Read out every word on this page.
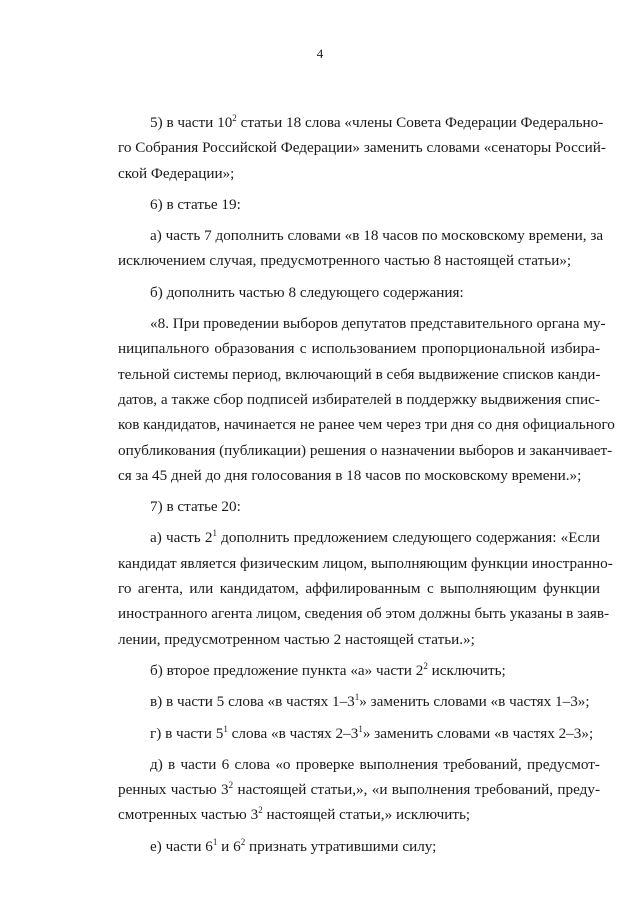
4
5) в части $10^2$ статьи 18 слова «члены Совета Федерации Федерально-
го Собрания Российской Федерации» заменить словами «сенаторы Россий-
ской Федерации»;
6) в статье 19:
а) часть 7 дополнить словами «в 18 часов по московскому времени, за
исключением случая, предусмотренного частью 8 настоящей статьи»;
б) дополнить частью 8 следующего содержания:
«8. При проведении выборов депутатов представительного органа му-
ниципального образования с использованием пропорциональной избира-
тельной системы период, включающий в себя выдвижение списков канди-
датов, а также сбор подписей избирателей в поддержку выдвижения спис-
ков кандидатов, начинается не ранее чем через три дня со дня официального
опубликования (публикации) решения о назначении выборов и заканчивает-
ся за 45 дней до дня голосования в 18 часов по московскому времени.»;
7) в статье 20:
а) часть $2^1$ дополнить предложением следующего содержания: «Если
кандидат является физическим лицом, выполняющим функции иностранно-
го агента, или кандидатом, аффилированным с выполняющим функции
иностранного агента лицом, сведения об этом должны быть указаны в заяв-
лении, предусмотренном частью 2 настоящей статьи.»;
б) второе предложение пункта «а» части $2^2$ исключить;
в) в части 5 слова «в частях $1-3^1$» заменить словами «в частях 1–3»;
г) в части $5^1$ слова «в частях $2-3^1$» заменить словами «в частях 2–3»;
д) в части 6 слова «о проверке выполнения требований, предусмот-
ренных частью $3^2$ настоящей статьи,», «и выполнения требований, преду-
смотренных частью $3^2$ настоящей статьи,» исключить;
е) части $6^1$ и $6^2$ признать утратившими силу;
